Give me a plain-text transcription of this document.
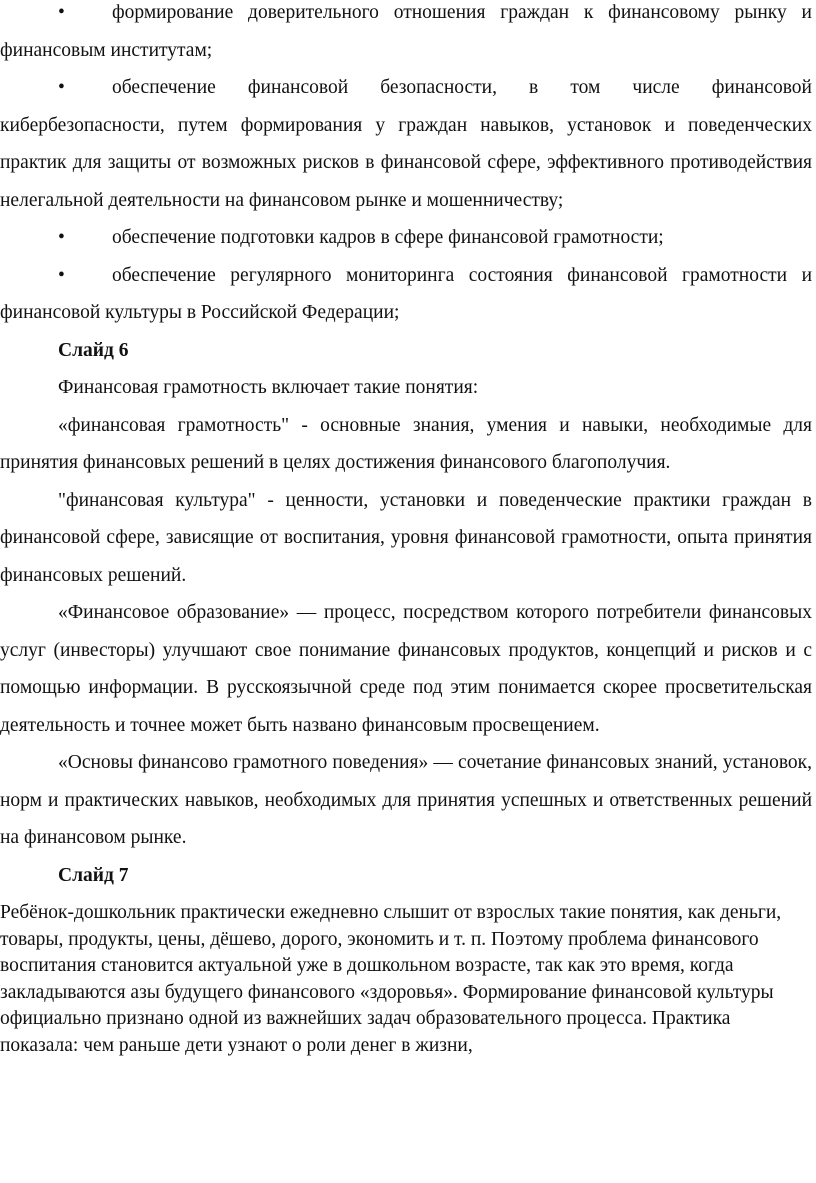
• формирование доверительного отношения граждан к финансовому рынку и финансовым институтам;

• обеспечение финансовой безопасности, в том числе финансовой кибербезопасности, путем формирования у граждан навыков, установок и поведенческих практик для защиты от возможных рисков в финансовой сфере, эффективного противодействия нелегальной деятельности на финансовом рынке и мошенничеству;

• обеспечение подготовки кадров в сфере финансовой грамотности;

• обеспечение регулярного мониторинга состояния финансовой грамотности и финансовой культуры в Российской Федерации;

Слайд 6

Финансовая грамотность включает такие понятия:

«финансовая грамотность" - основные знания, умения и навыки, необходимые для принятия финансовых решений в целях достижения финансового благополучия.

"финансовая культура" - ценности, установки и поведенческие практики граждан в финансовой сфере, зависящие от воспитания, уровня финансовой грамотности, опыта принятия финансовых решений.

«Финансовое образование» — процесс, посредством которого потребители финансовых услуг (инвесторы) улучшают свое понимание финансовых продуктов, концепций и рисков и с помощью информации. В русскоязычной среде под этим понимается скорее просветительская деятельность и точнее может быть названо финансовым просвещением.

«Основы финансово грамотного поведения» — сочетание финансовых знаний, установок, норм и практических навыков, необходимых для принятия успешных и ответственных решений на финансовом рынке.

Слайд 7

Ребёнок-дошкольник практически ежедневно слышит от взрослых такие понятия, как деньги, товары, продукты, цены, дёшево, дорого, экономить и т. п. Поэтому проблема финансового воспитания становится актуальной уже в дошкольном возрасте, так как это время, когда закладываются азы будущего финансового «здоровья». Формирование финансовой культуры официально признано одной из важнейших задач образовательного процесса. Практика показала: чем раньше дети узнают о роли денег в жизни,
